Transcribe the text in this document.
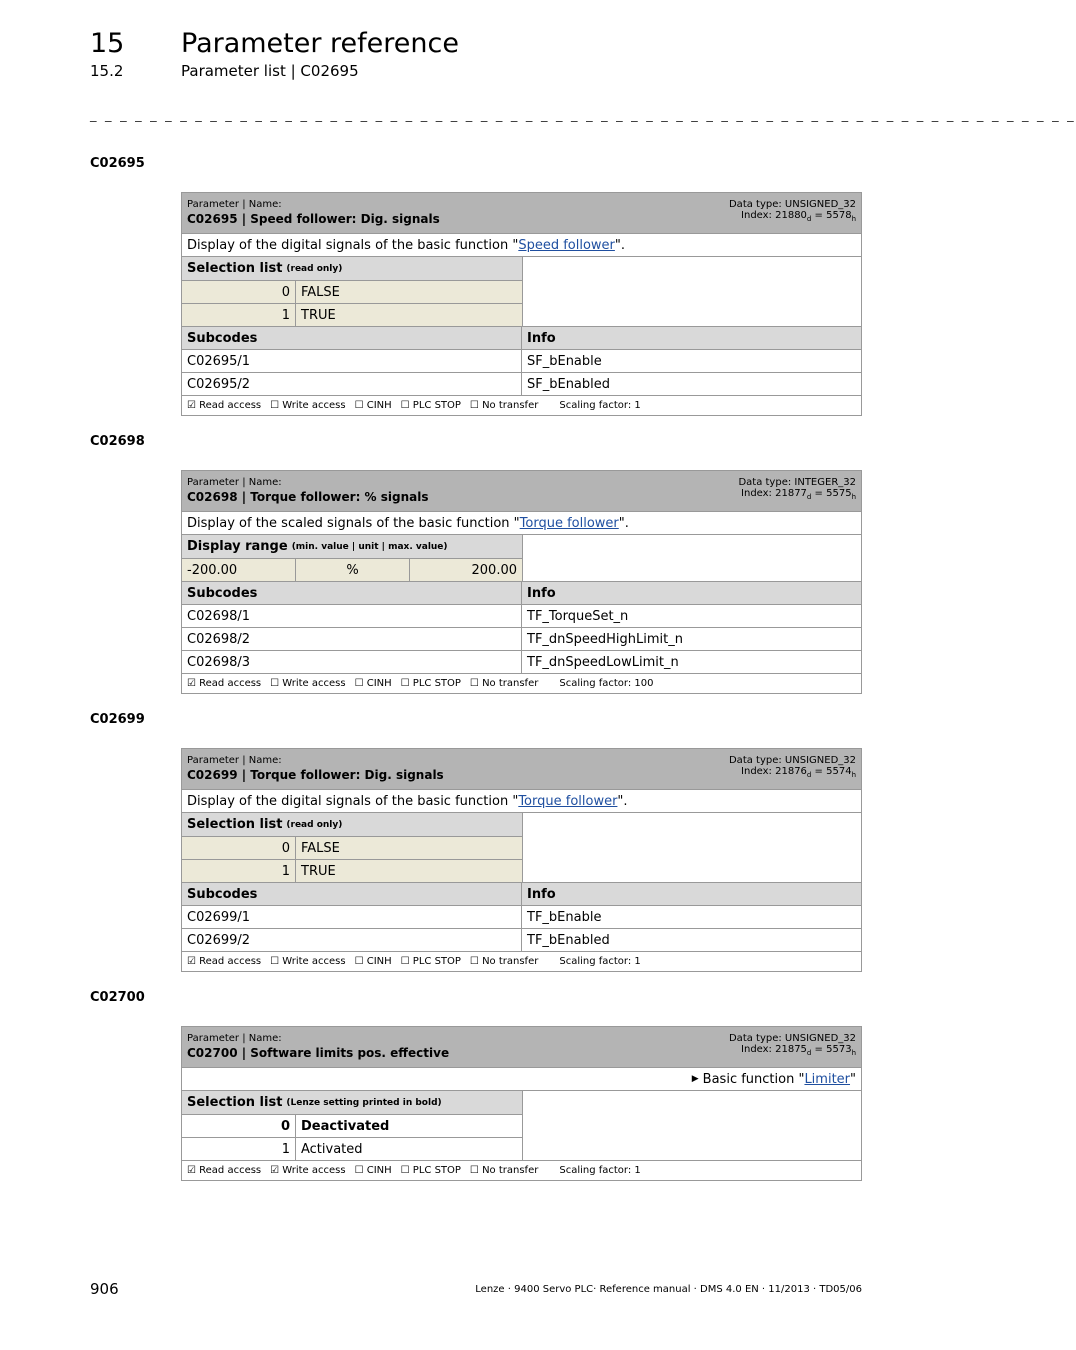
15 Parameter reference
15.2	Parameter list | C02695
_ _ _ _ _ _ _ _ _ _ _ _ _ _ _ _ _ _ _ _ _ _ _ _ _ _ _ _ _ _ _ _ _ _ _ _ _ _ _ _ _ _ _ _ _ _ _ _ _ _ _ _ _ _ _ _ _ _ _ _ _ _ _ _ _ _
C02695
Parameter | Name:
C02695 | Speed follower: Dig. signals
Data type: UNSIGNED_32
Index: $21880_d = 5578_h$
Display of the digital signals of the basic function " Speed follower ".
Selection list (read only)
0 FALSE
1 TRUE
Subcodes	Info
C02695/1	SF_bEnable
C02695/2	SF_bEnabled
☑ Read access ☐ Write access ☐ CINH ☐ PLC STOP ☐ No transfer Scaling factor: 1
C02698
Parameter | Name:
C02698 | Torque follower: % signals
Data type: INTEGER_32
Index: $21877_d = 5575_h$
Display of the scaled signals of the basic function " Torque follower ".
Display range (min. value | unit | max. value)
-200.00	%	200.00
Subcodes	Info
C02698/1	TF_TorqueSet_n
C02698/2	TF_dnSpeedHighLimit_n
C02698/3	TF_dnSpeedLowLimit_n
☑ Read access ☐ Write access ☐ CINH ☐ PLC STOP ☐ No transfer Scaling factor: 100
C02699
Parameter | Name:
C02699 | Torque follower: Dig. signals
Data type: UNSIGNED_32
Index: $21876_d = 5574_h$
Display of the digital signals of the basic function " Torque follower ".
Selection list (read only)
0 FALSE
1 TRUE
Subcodes	Info
C02699/1	TF_bEnable
C02699/2	TF_bEnabled
☑ Read access ☐ Write access ☐ CINH ☐ PLC STOP ☐ No transfer Scaling factor: 1
C02700
Parameter | Name:
C02700 | Software limits pos. effective
Data type: UNSIGNED_32
Index: $21875_d = 5573_h$
▶ Basic function " Limiter "
Selection list (Lenze setting printed in bold)
0 Deactivated
1 Activated
☑ Read access ☑ Write access ☐ CINH ☐ PLC STOP ☐ No transfer Scaling factor: 1
906	Lenze · 9400 Servo PLC· Reference manual · DMS 4.0 EN · 11/2013 · TD05/06
